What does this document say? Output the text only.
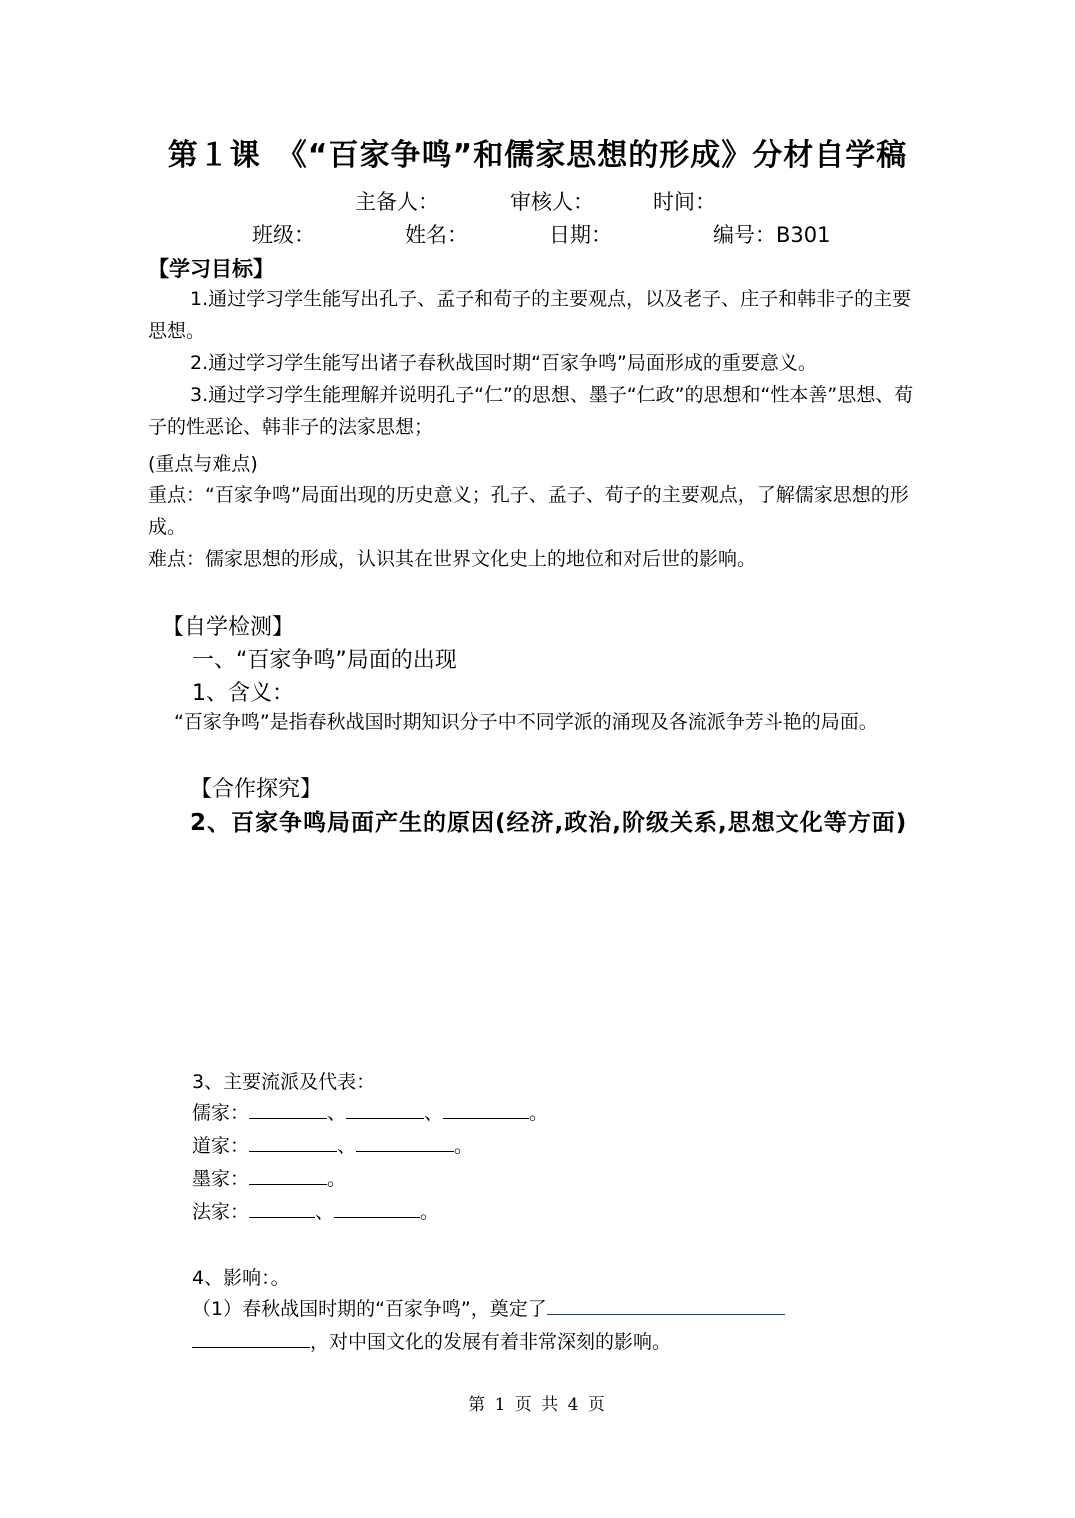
第１课　《“百家争鸣”和儒家思想的形成》分材自学稿
主备人：	审核人：	时间：
班级：	姓名：	日期：	编号：B301
【学习目标】
1.通过学习学生能写出孔子、孟子和荀子的主要观点，以及老子、庄子和韩非子的主要思想。
2.通过学习学生能写出诸子春秋战国时期“百家争鸣”局面形成的重要意义。
3.通过学习学生能理解并说明孔子“仁”的思想、墨子“仁政”的思想和“性本善”思想、荀子的性恶论、韩非子的法家思想；
(重点与难点)
重点：“百家争鸣”局面出现的历史意义；孔子、孟子、荀子的主要观点，了解儒家思想的形成。
难点：儒家思想的形成，认识其在世界文化史上的地位和对后世的影响。
【自学检测】
一、“百家争鸣”局面的出现
1、含义：
“百家争鸣”是指春秋战国时期知识分子中不同学派的涌现及各流派争芳斗艳的局面。
【合作探究】
2、百家争鸣局面产生的原因(经济,政治,阶级关系,思想文化等方面)
3、主要流派及代表：
儒家：	、	、	。
道家：	、	。
墨家：	。
法家：	、	。
4、影响：。
（1）春秋战国时期的“百家争鸣”，奠定了
，对中国文化的发展有着非常深刻的影响。
第 1 页 共 4 页
